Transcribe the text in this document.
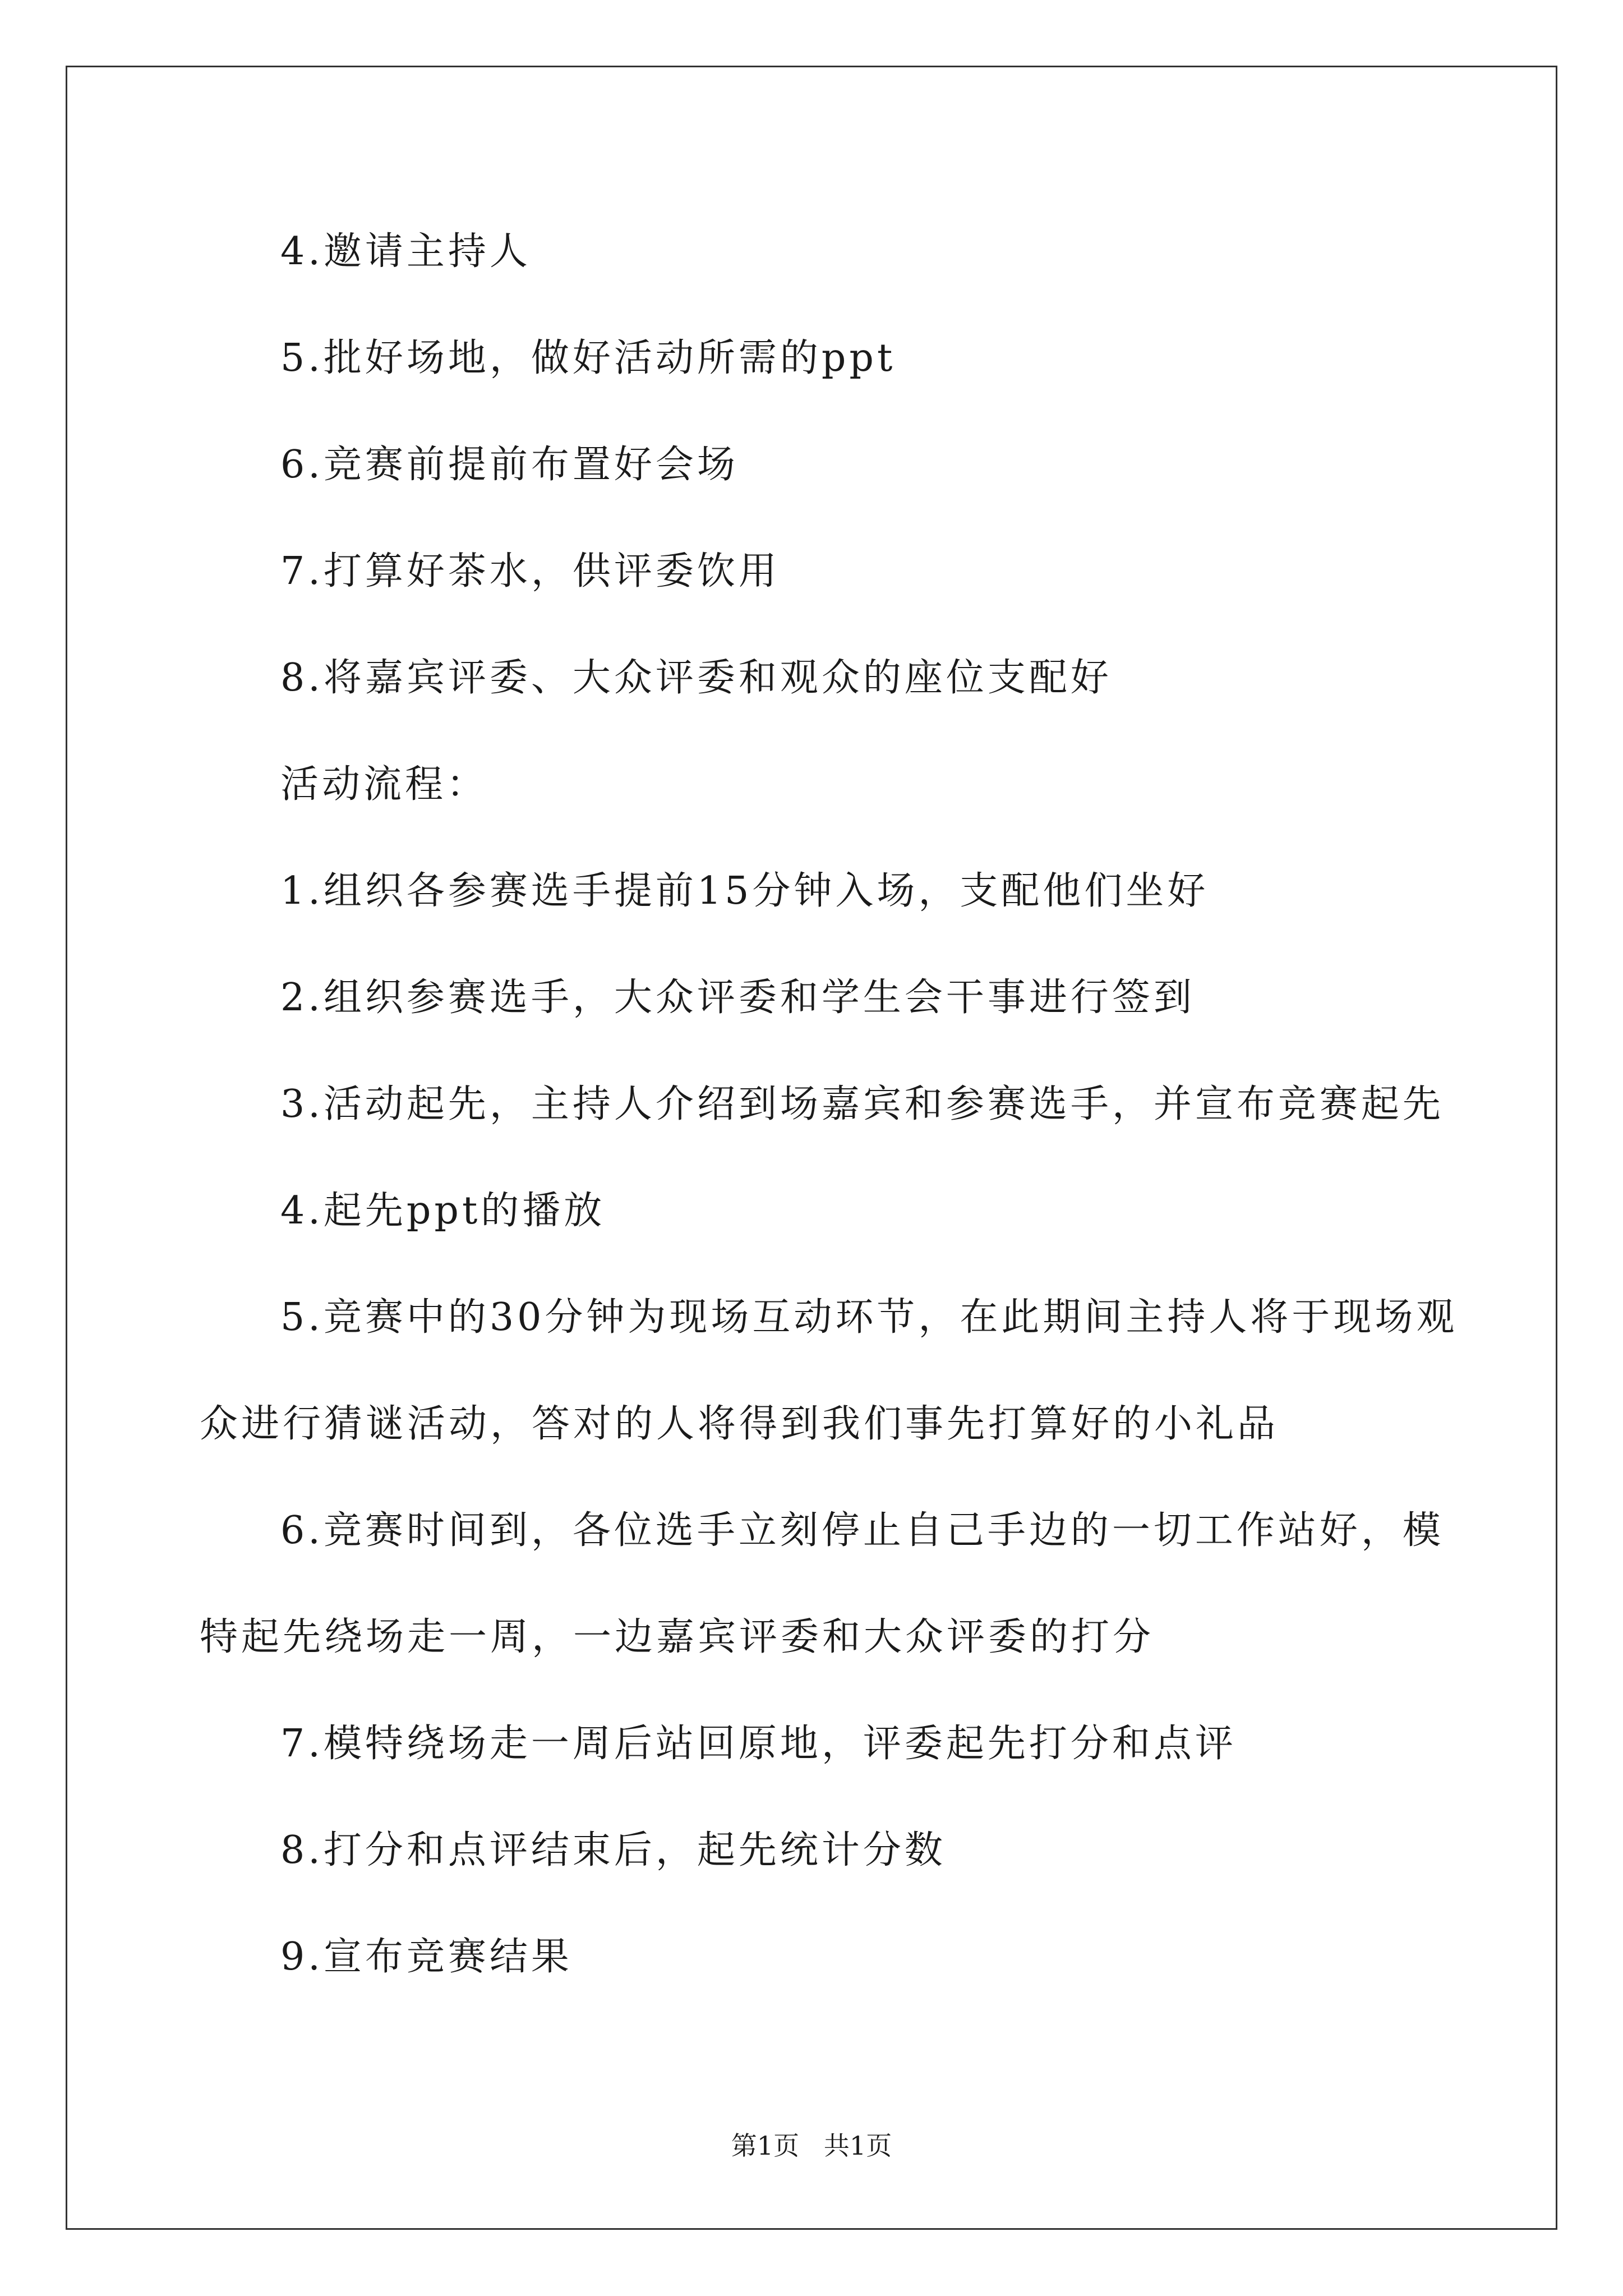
4.邀请主持人
5.批好场地，做好活动所需的ppt
6.竞赛前提前布置好会场
7.打算好茶水，供评委饮用
8.将嘉宾评委、大众评委和观众的座位支配好
活动流程：
1.组织各参赛选手提前15分钟入场，支配他们坐好
2.组织参赛选手，大众评委和学生会干事进行签到
3.活动起先，主持人介绍到场嘉宾和参赛选手，并宣布竞赛起先
4.起先ppt的播放
5.竞赛中的30分钟为现场互动环节，在此期间主持人将于现场观
众进行猜谜活动，答对的人将得到我们事先打算好的小礼品
6.竞赛时间到，各位选手立刻停止自己手边的一切工作站好，模
特起先绕场走一周，一边嘉宾评委和大众评委的打分
7.模特绕场走一周后站回原地，评委起先打分和点评
8.打分和点评结束后，起先统计分数
9.宣布竞赛结果
第1页   共1页
